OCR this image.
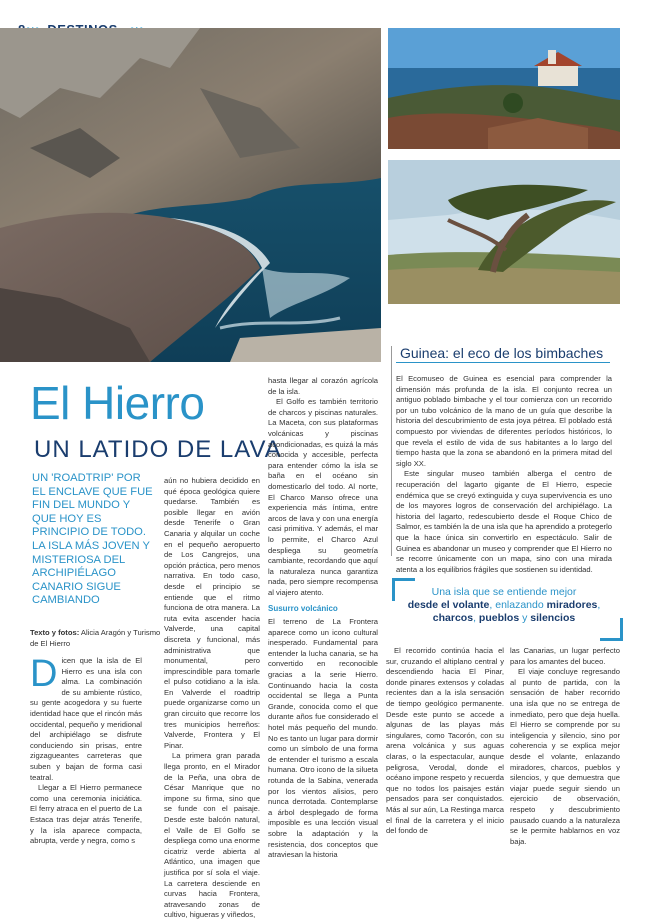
Guinea: el eco de los bimbaches

El Ecomuseo de Guinea es esencial para comprender la dimensión más profunda de la isla. El conjunto recrea un antiguo poblado bimbache y el tour comienza con un recorrido por un tubo volcánico de la mano de un guía que describe la historia del descubrimiento de esta joya pétrea. El poblado está compuesto por viviendas de diferentes períodos históricos, lo que revela el estilo de vida de sus habitantes a lo largo del tiempo hasta que la zona se abandonó en la primera mitad del siglo XX.

Este singular museo también alberga el centro de recuperación del lagarto gigante de El Hierro, especie endémica que se creyó extinguida y cuya supervivencia es uno de los mayores logros de conservación del archipiélago. La historia del lagarto, redescubierto desde el Roque Chico de Salmor, es también la de una isla que ha aprendido a protegerlo que la hace única sin convertirlo en espectáculo. Salir de Guinea es abandonar un museo y comprender que El Hierro no se recorre únicamente con un mapa, sino con una mirada atenta a los equilibrios frágiles que sostienen su identidad.

El Hierro
UN LATIDO DE LAVA
UN 'ROADTRIP' POR EL ENCLAVE QUE FUE FIN DEL MUNDO Y QUE HOY ES PRINCIPIO DE TODO. LA ISLA MÁS JOVEN Y MISTERIOSA DEL ARCHIPIÉLAGO CANARIO SIGUE CAMBIANDO
Texto y fotos: Alicia Aragón y Turismo de El Hierro

Dicen que la isla de El Hierro es una isla con alma. La combinación de su ambiente rústico, su gente acogedora y su fuerte identidad hace que el rincón más occidental, pequeño y meridional del archipiélago se disfrute conduciendo sin prisas, entre zigzagueantes carreteras que suben y bajan de forma casi teatral.

Llegar a El Hierro permanece como una ceremonia iniciática. El ferry atraca en el puerto de La Estaca tras dejar atrás Tenerife, y la isla aparece compacta, abrupta, verde y negra, como s

aún no hubiera decidido en qué época geológica quiere quedarse. También es posible llegar en avión desde Tenerife o Gran Canaria y alquilar un coche en el pequeño aeropuerto de Los Cangrejos, una opción práctica, pero menos narrativa. En todo caso, desde el principio se entiende que el ritmo funciona de otra manera. La ruta evita ascender hacia Valverde, una capital discreta y funcional, más administrativa que monumental, pero imprescindible para tomarle el pulso cotidiano a la isla. En Valverde el roadtrip puede organizarse como un gran circuito que recorre los tres municipios herreños: Valverde, Frontera y El Pinar.

La primera gran parada llega pronto, en el Mirador de la Peña, una obra de César Manrique que no impone su firma, sino que se funde con el paisaje. Desde este balcón natural, el Valle de El Golfo se despliega como una enorme cicatriz verde abierta al Atlántico, una imagen que justifica por sí sola el viaje. La carretera desciende en curvas hacia Frontera, atravesando zonas de cultivo, higueras y viñedos,

hasta llegar al corazón agrícola de la isla.

El Golfo es también territorio de charcos y piscinas naturales. La Maceta, con sus plataformas volcánicas y piscinas acondicionadas, es quizá la más conocida y accesible, perfecta para entender cómo la isla se baña en el océano sin domesticarlo del todo. Al norte, El Charco Manso ofrece una experiencia más íntima, entre arcos de lava y con una energía casi primitiva. Y además, el mar lo permite, el Charco Azul despliega su geometría cambiante, recordando que aquí la naturaleza nunca garantiza nada, pero siempre recompensa al viajero atento.

Susurro volcánico

El terreno de La Frontera aparece como un icono cultural inesperado. Fundamental para entender la lucha canaria, se ha convertido en reconocible gracias a la serie Hierro. Continuando hacia la costa occidental se llega a Punta Grande, conocida como el que durante años fue considerado el hotel más pequeño del mundo. No es tanto un lugar para dormir como un símbolo de una forma de entender el turismo a escala humana. Otro icono de la silueta rotunda de la Sabina, venerada por los vientos alisios, pero nunca derrotada. Contemplarse a árbol desplegado de forma imposible es una lección visual sobre la adaptación y la resistencia, dos conceptos que atraviesan la historia

Una isla que se entiende mejor
desde el volante, enlazando miradores,
charcos, pueblos y silencios

El recorrido continúa hacia el sur, cruzando el altiplano central y descendiendo hacia El Pinar, donde pinares extensos y coladas recientes dan a la isla sensación de tiempo geológico permanente. Desde este punto se accede a algunas de las playas más singulares, como Tacorón, con su arena volcánica y sus aguas claras, o la espectacular, aunque peligrosa, Verodal, donde el océano impone respeto y recuerda que no todos los paisajes están pensados para ser conquistados. Más al sur aún, La Restinga marca el final de la carretera y el inicio del fondo de

las Canarias, un lugar perfecto para los amantes del buceo.

El viaje concluye regresando al punto de partida, con la sensación de haber recorrido una isla que no se entrega de inmediato, pero que deja huella. El Hierro se comprende por su inteligencia y silencio, sino por coherencia y se explica mejor desde el volante, enlazando miradores, charcos, pueblos y silencios, y que demuestra que viajar puede seguir siendo un ejercicio de observación, respeto y descubrimiento pausado cuando a la naturaleza se le permite hablarnos en voz baja.
